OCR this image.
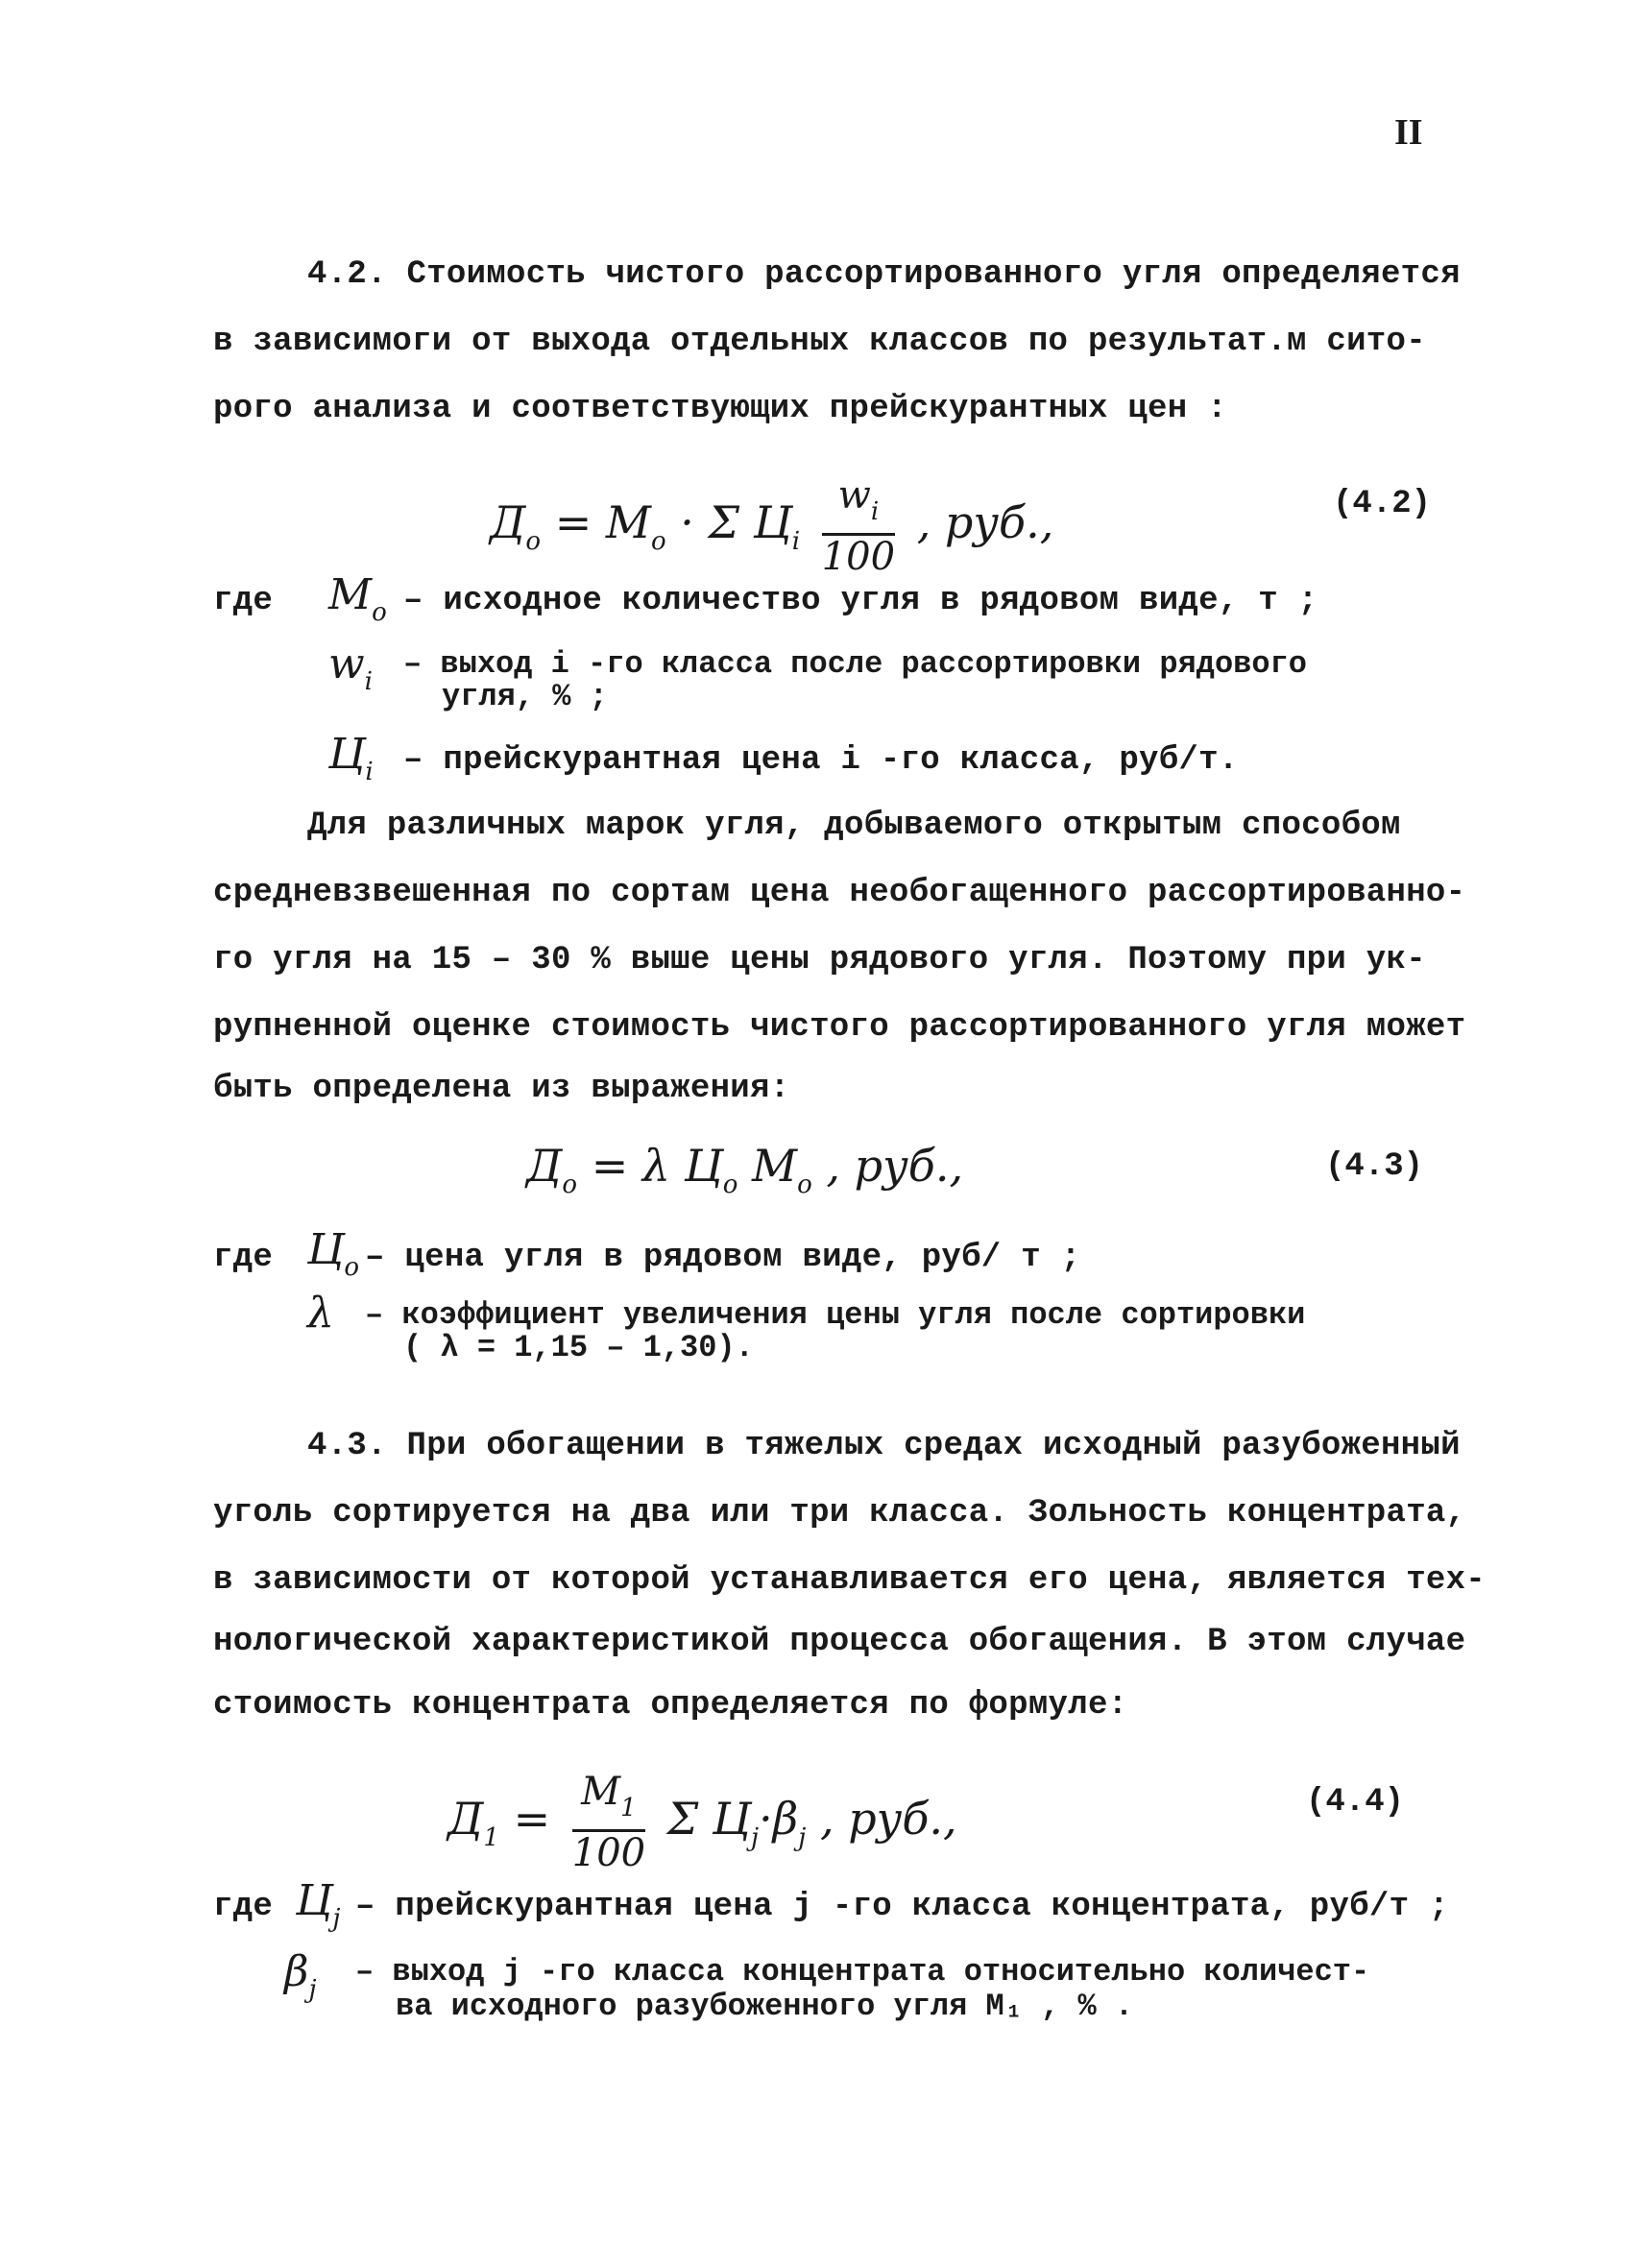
II
4.2. Стоимость чистого рассортированного угля определяется
в зависимоги от выхода отдельных классов по результат.м сито-
рого анализа и соответствующих прейскурантных цен :
$Д_o = М_o \cdot \Sigma$ $Ц_i \frac{w_i}{100}$ , руб.,	(4.2)
где $М_o$ – исходное количество угля в рядовом виде, т ;
$w_i$ – выход i -го класса после рассортировки рядового
угля, % ;
$Ц_i$ – прейскурантная цена i -го класса, руб/т.
Для различных марок угля, добываемого открытым способом
средневзвешенная по сортам цена необогащенного рассортированно-
го угля на 15 – 30 % выше цены рядового угля. Поэтому при ук-
рупненной оценке стоимость чистого рассортированного угля может
быть определена из выражения:
$Д_o = \lambda$ $Ц_o$ $М_o$ , руб.,	(4.3)
где $Ц_o$ – цена угля в рядовом виде, руб/ т ;
λ – коэффициент увеличения цены угля после сортировки
( λ = 1,15 – 1,30).
4.3. При обогащении в тяжелых средах исходный разубоженный
уголь сортируется на два или три класса. Зольность концентрата,
в зависимости от которой устанавливается его цена, является тех-
нологической характеристикой процесса обогащения. В этом случае
стоимость концентрата определяется по формуле:
$Д_1 = \frac{М_1}{100}$ Σ $Ц_j\cdot\beta_j$ , руб.,	(4.4)
где $Ц_j$ – прейскурантная цена j -го класса концентрата, руб/т ;
$\beta_j$ – выход j -го класса концентрата относительно количест-
ва исходного разубоженного угля М₁ , % .
